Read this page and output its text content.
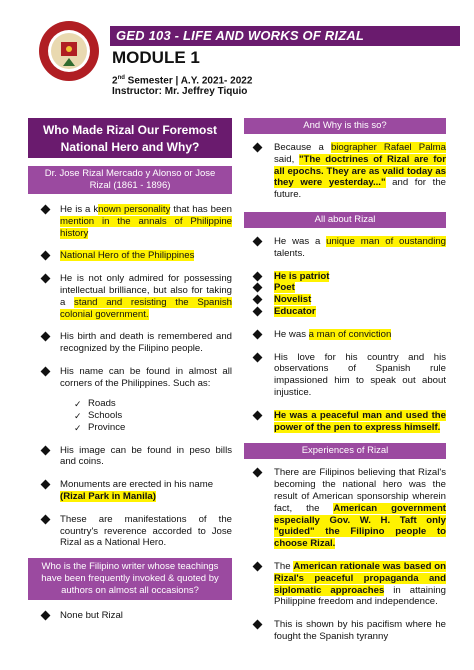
GED 103 - LIFE AND WORKS OF RIZAL
MODULE 1
2nd Semester | A.Y. 2021- 2022
Instructor: Mr. Jeffrey Tiquio
Who Made Rizal Our Foremost National Hero and Why?
Dr. Jose Rizal Mercado y Alonso or Jose Rizal (1861 - 1896)
He is a known personality that has been mention in the annals of Philippine history
National Hero of the Philippines
He is not only admired for possessing intellectual brilliance, but also for taking a stand and resisting the Spanish colonial government.
His birth and death is remembered and recognized by the Filipino people.
His name can be found in almost all corners of the Philippines. Such as:
✓ Roads
✓ Schools
✓ Province
His image can be found in peso bills and coins.
Monuments are erected in his name
(Rizal Park in Manila)
These are manifestations of the country's reverence accorded to Jose Rizal as a National Hero.
Who is the Filipino writer whose teachings have been frequently invoked & quoted by authors on almost all occasions?
None but Rizal
And Why is this so?
Because a biographer Rafael Palma said, "The doctrines of Rizal are for all epochs. They are as valid today as they were yesterday..." and for the future.
All about Rizal
He was a unique man of oustanding talents.
He is patriot
Poet
Novelist
Educator
He was a man of conviction
His love for his country and his observations of Spanish rule impassioned him to speak out about injustice.
He was a peaceful man and used the power of the pen to express himself.
Experiences of Rizal
There are Filipinos believing that Rizal's becoming the national hero was the result of American sponsorship wherein fact, the American government especially Gov. W. H. Taft only "guided" the Filipino people to choose Rizal.
The American rationale was based on Rizal's peaceful propaganda and siplomatic approaches in attaining Philippine freedom and independence.
This is shown by his pacifism where he fought the Spanish tyranny
